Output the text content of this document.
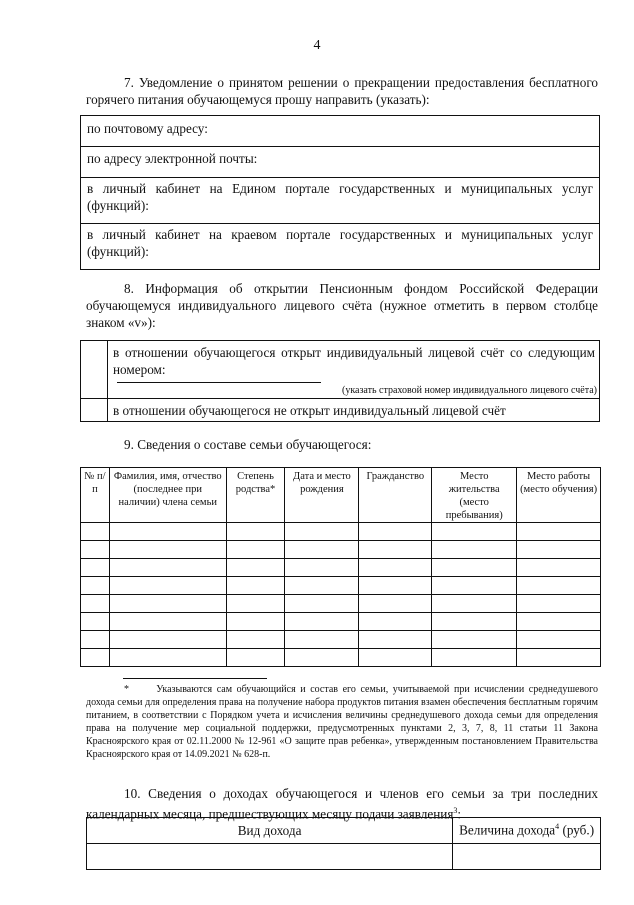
4
7. Уведомление о принятом решении о прекращении предоставления бесплатного горячего питания обучающемуся прошу направить (указать):
по почтовому адресу:
по адресу электронной почты:
в личный кабинет на Едином портале государственных и муниципальных услуг (функций):
в личный кабинет на краевом портале государственных и муниципальных услуг (функций):
8. Информация об открытии Пенсионным фондом Российской Федерации обучающемуся индивидуального лицевого счёта (нужное отметить в первом столбце знаком «v»):
в отношении обучающегося открыт индивидуальный лицевой счёт со следующим номером:
(указать страховой номер индивидуального лицевого счёта)
в отношении обучающегося не открыт индивидуальный лицевой счёт
9. Сведения о составе семьи обучающегося:
№ п/п	Фамилия, имя, отчество (последнее при наличии) члена семьи	Степень родства*	Дата и место рождения	Гражданство	Место жительства (место пребывания)	Место работы (место обучения)

*	Указываются сам обучающийся и состав его семьи, учитываемой при исчислении среднедушевого дохода семьи для определения права на получение набора продуктов питания взамен обеспечения бесплатным горячим питанием, в соответствии с Порядком учета и исчисления величины среднедушевого дохода семьи для определения права на получение мер социальной поддержки, предусмотренных пунктами 2, 3, 7, 8, 11 статьи 11 Закона Красноярского края от 02.11.2000 № 12-961 «О защите прав ребенка», утвержденным постановлением Правительства Красноярского края от 14.09.2021 № 628-п.
10. Сведения о доходах обучающегося и членов его семьи за три последних календарных месяца, предшествующих месяцу подачи заявления$^3$:
Вид дохода	Величина дохода$^4$ (руб.)
